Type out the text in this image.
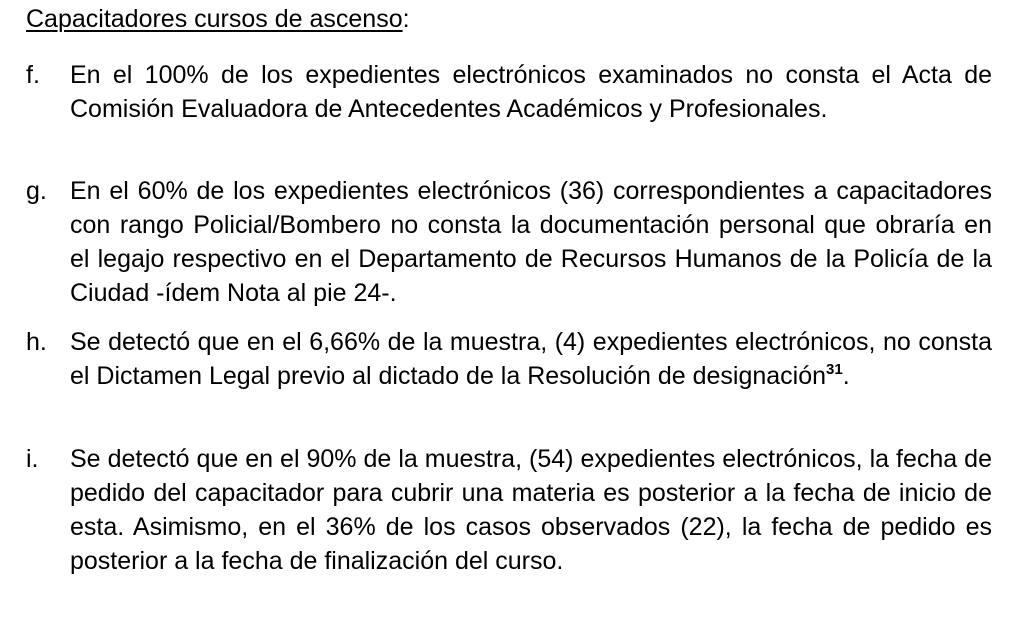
Capacitadores cursos de ascenso:
f. En el 100% de los expedientes electrónicos examinados no consta el Acta de Comisión Evaluadora de Antecedentes Académicos y Profesionales.
g. En el 60% de los expedientes electrónicos (36) correspondientes a capacitadores con rango Policial/Bombero no consta la documentación personal que obraría en el legajo respectivo en el Departamento de Recursos Humanos de la Policía de la Ciudad -ídem Nota al pie 24-.
h. Se detectó que en el 6,66% de la muestra, (4) expedientes electrónicos, no consta el Dictamen Legal previo al dictado de la Resolución de designación$^{31}$.
i. Se detectó que en el 90% de la muestra, (54) expedientes electrónicos, la fecha de pedido del capacitador para cubrir una materia es posterior a la fecha de inicio de esta. Asimismo, en el 36% de los casos observados (22), la fecha de pedido es posterior a la fecha de finalización del curso.
